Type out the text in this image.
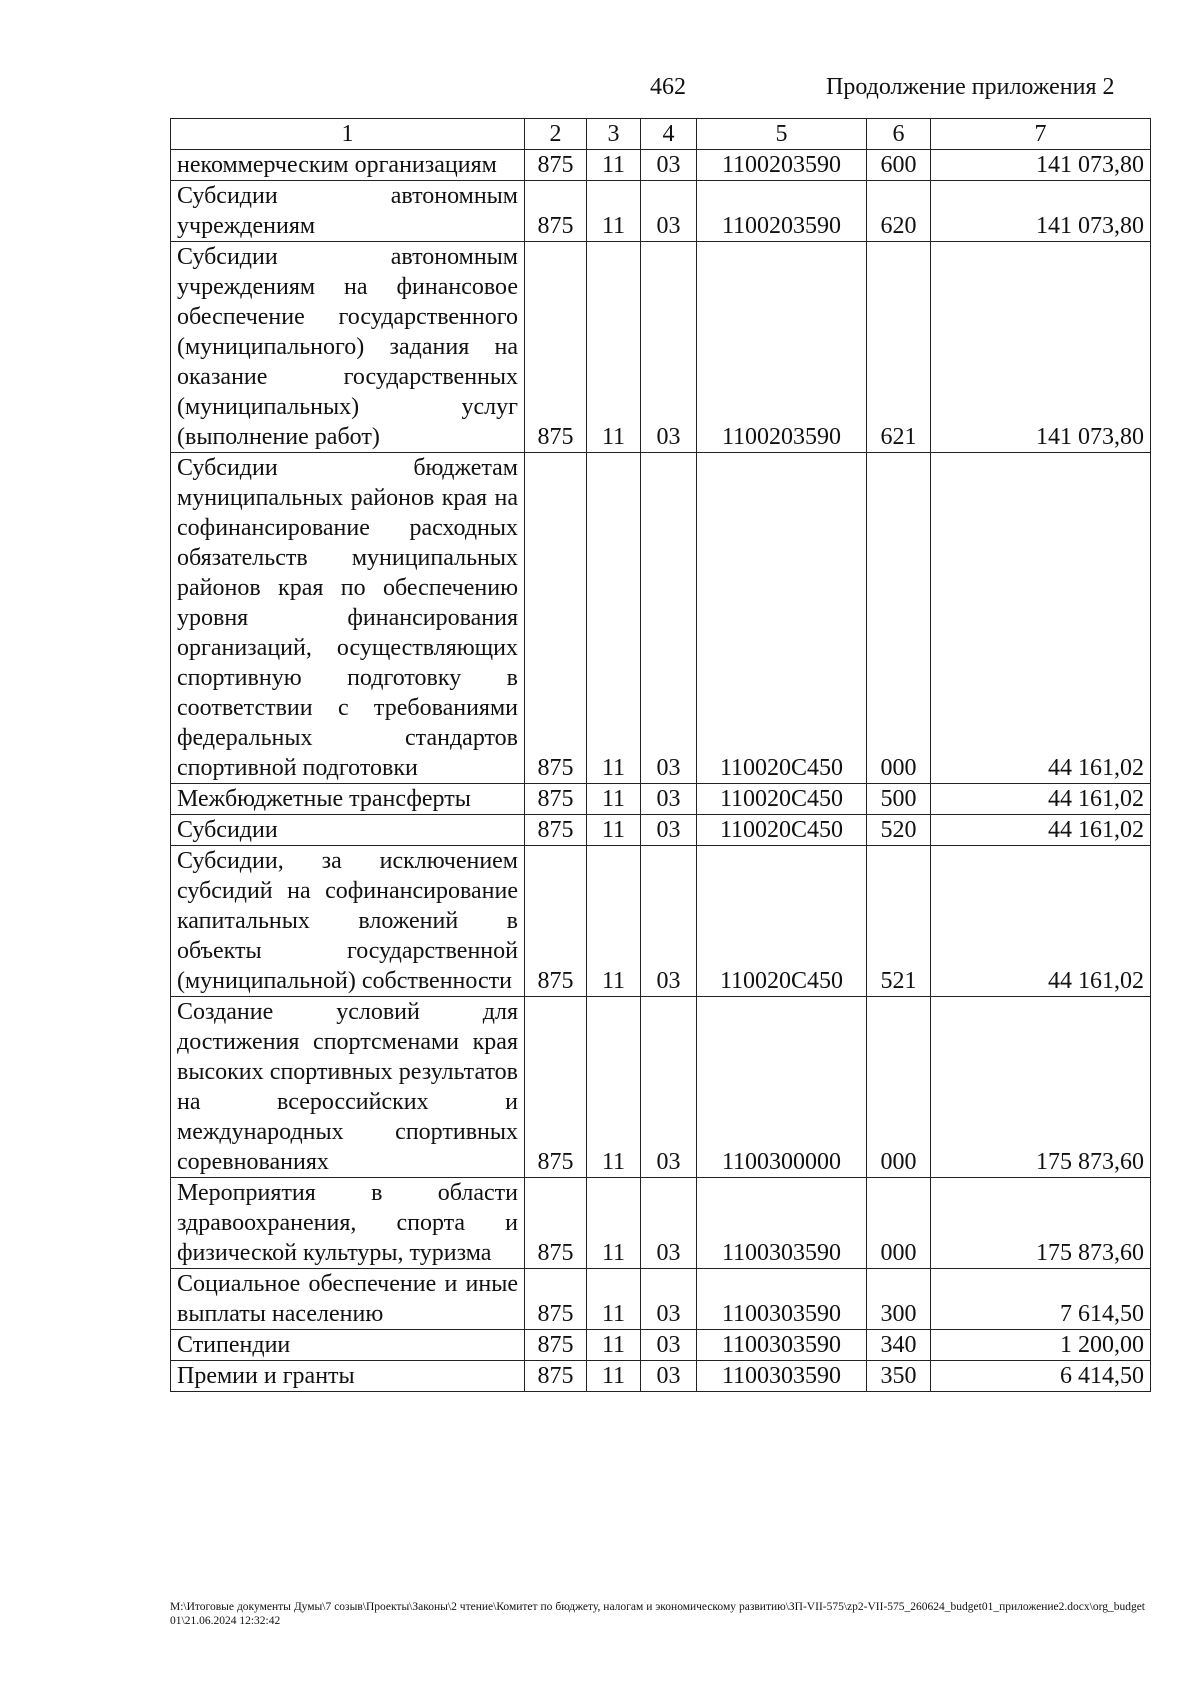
462	Продолжение приложения 2
1	2	3	4	5	6	7
некоммерческим организациям	875	11	03	1100203590	600	141 073,80
Субсидии автономным учреждениям	875	11	03	1100203590	620	141 073,80
Субсидии автономным учреждениям на финансовое обеспечение государственного (муниципального) задания на оказание государственных (муниципальных) услуг (выполнение работ)	875	11	03	1100203590	621	141 073,80
Субсидии бюджетам муниципальных районов края на софинансирование расходных обязательств муниципальных районов края по обеспечению уровня финансирования организаций, осуществляющих спортивную подготовку в соответствии с требованиями федеральных стандартов спортивной подготовки	875	11	03	110020С450	000	44 161,02
Межбюджетные трансферты	875	11	03	110020С450	500	44 161,02
Субсидии	875	11	03	110020С450	520	44 161,02
Субсидии, за исключением субсидий на софинансирование капитальных вложений в объекты государственной (муниципальной) собственности	875	11	03	110020С450	521	44 161,02
Создание условий для достижения спортсменами края высоких спортивных результатов на всероссийских и международных спортивных соревнованиях	875	11	03	1100300000	000	175 873,60
Мероприятия в области здравоохранения, спорта и физической культуры, туризма	875	11	03	1100303590	000	175 873,60
Социальное обеспечение и иные выплаты населению	875	11	03	1100303590	300	7 614,50
Стипендии	875	11	03	1100303590	340	1 200,00
Премии и гранты	875	11	03	1100303590	350	6 414,50
M:\Итоговые документы Думы\7 созыв\Проекты\Законы\2 чтение\Комитет по бюджету, налогам и экономическому развитию\ЗП-VII-575\zp2-VII-575_260624_budget01_приложение2.docx\org_budget01\21.06.2024 12:32:42
